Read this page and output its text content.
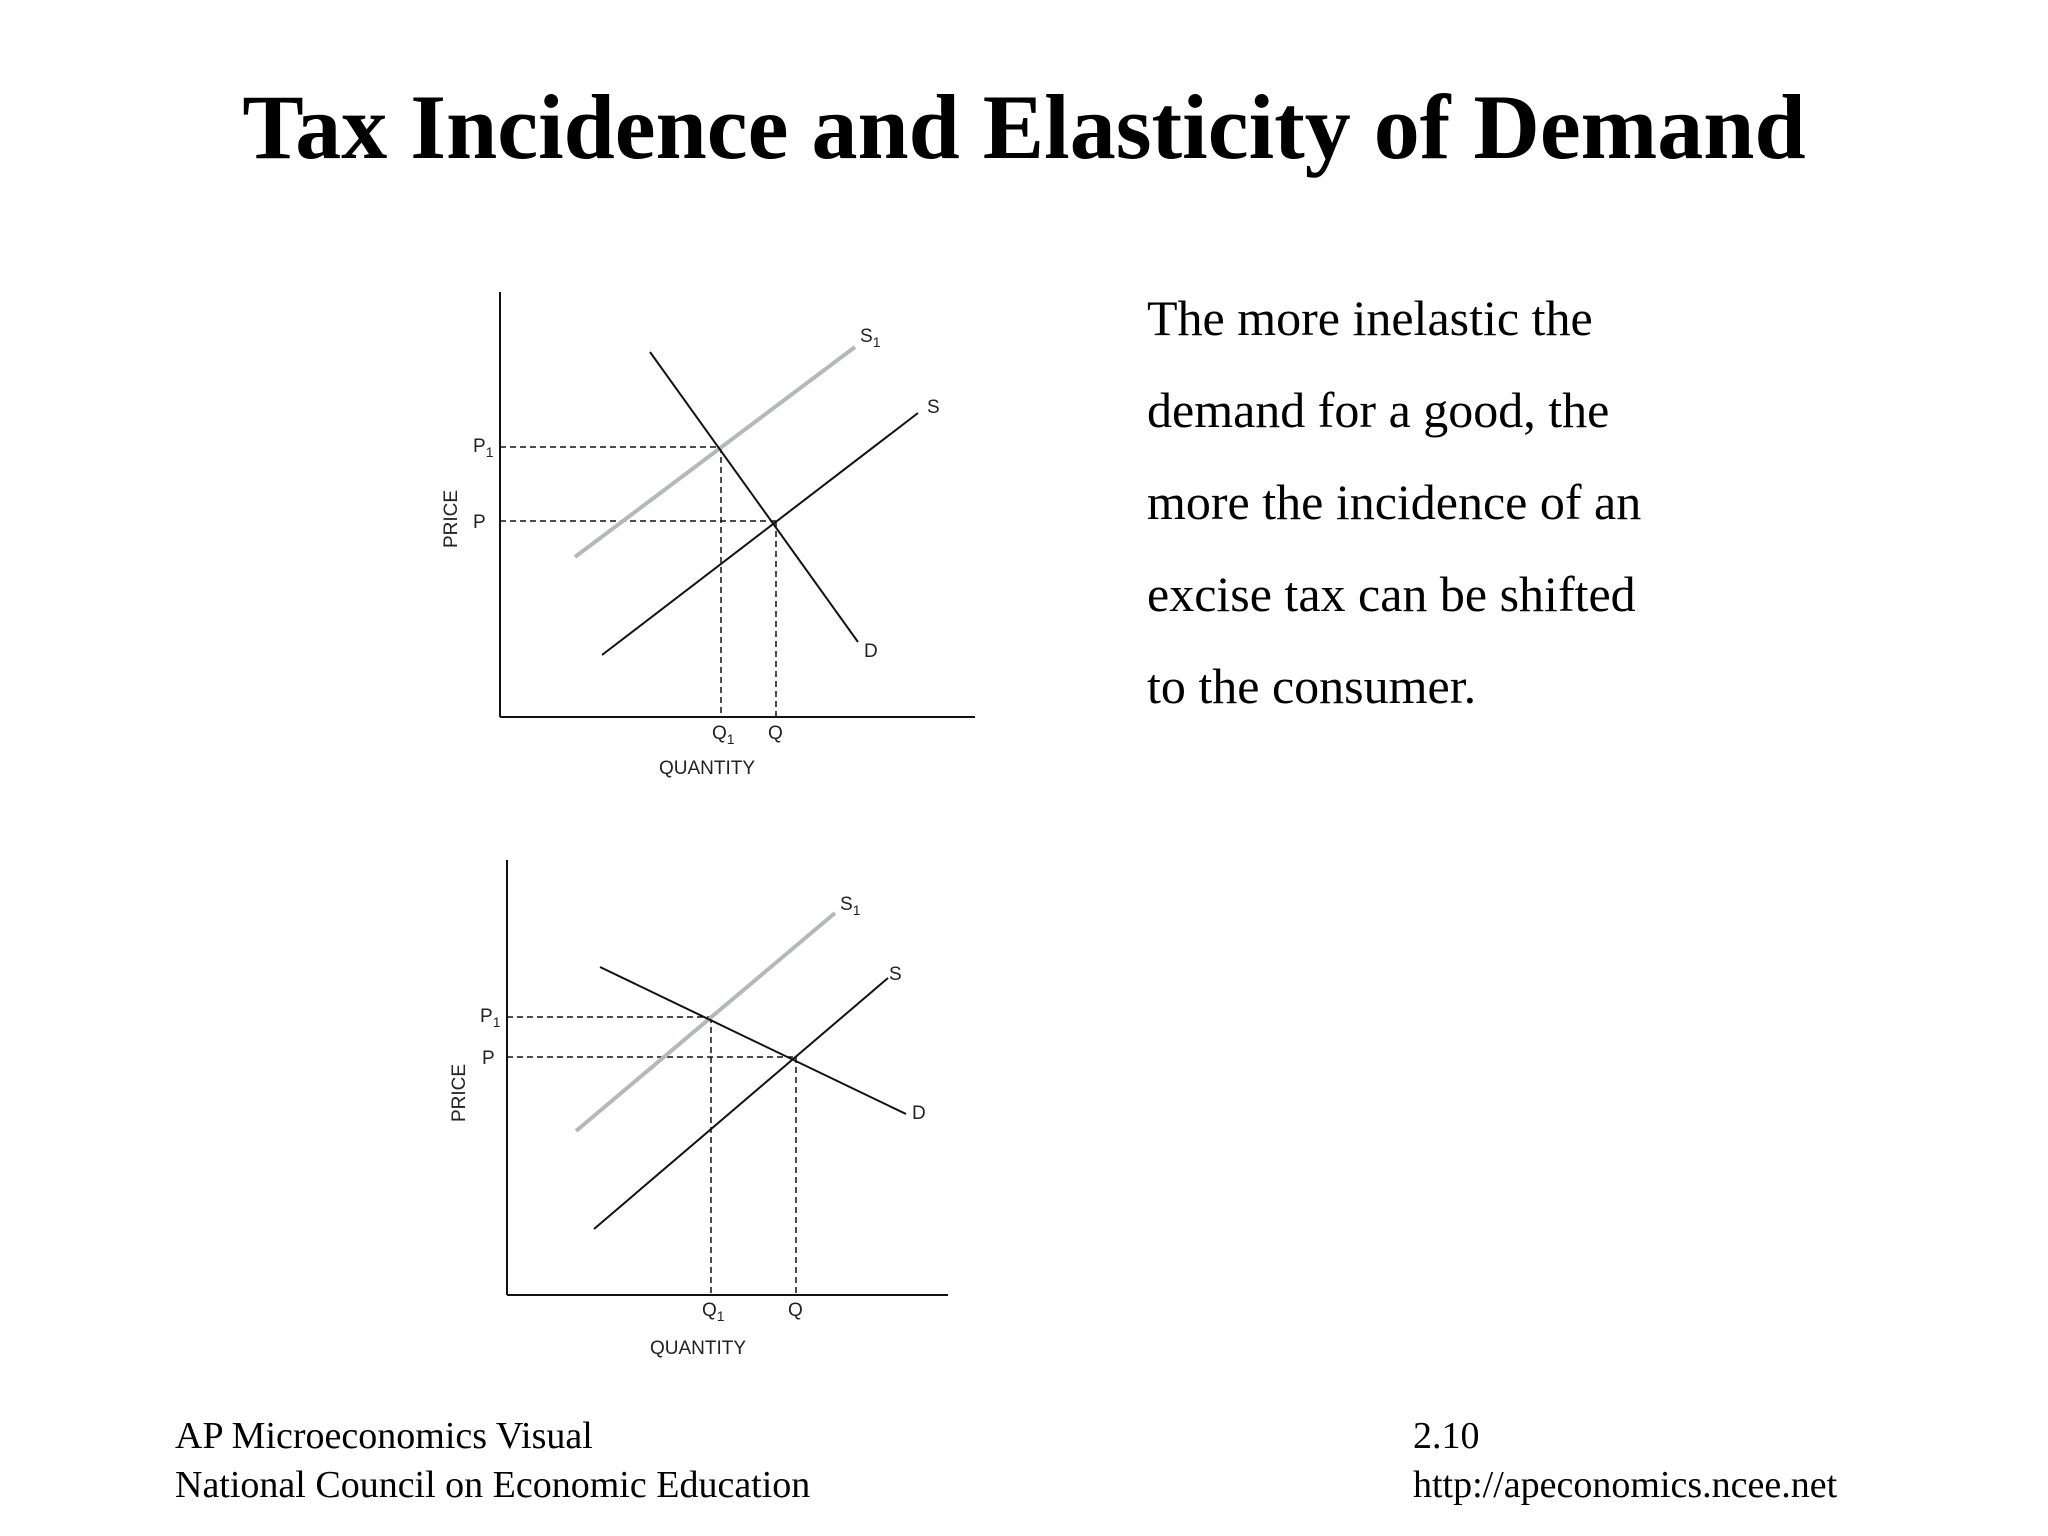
Tax Incidence and Elasticity of Demand
$S_1$
S
D
$P_1$
P
$Q_1$ Q
QUANTITY
PRICE
$S_1$
S
D
$P_1$
P
$Q_1$	Q
QUANTITY
PRICE
The more inelastic the
demand for a good, the
more the incidence of an
excise tax can be shifted
to the consumer.
AP Microeconomics Visual
National Council on Economic Education
2.10
http://apeconomics.ncee.net
